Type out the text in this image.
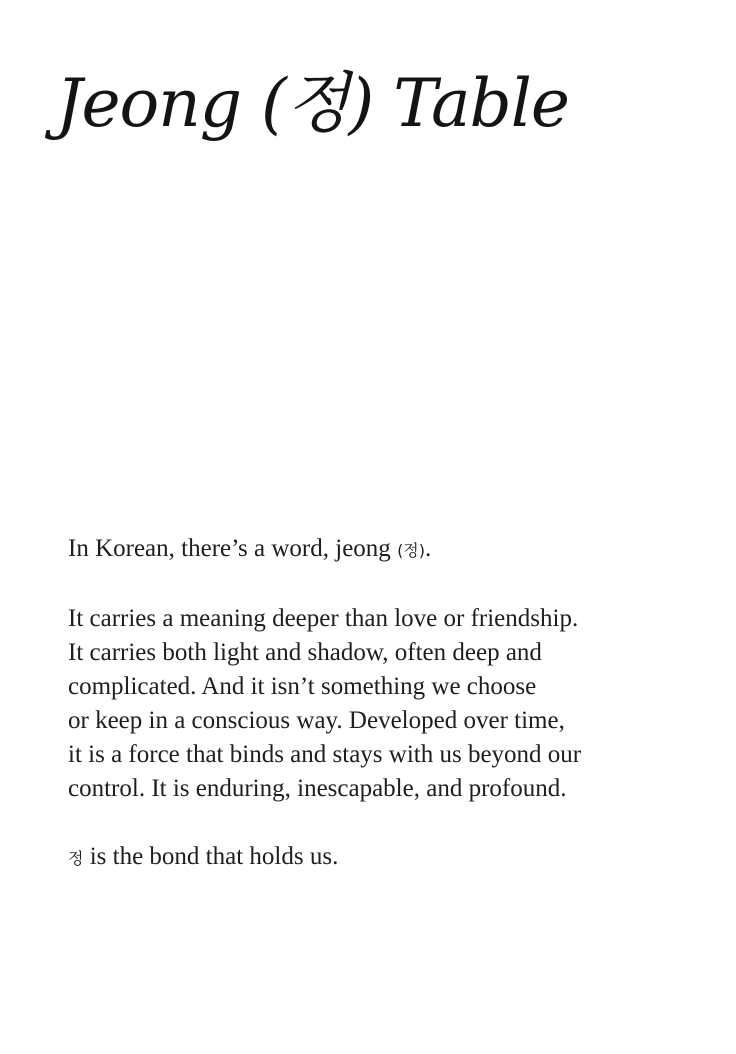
Jeong (정) Table

In Korean, there’s a word, jeong (정).

It carries a meaning deeper than love or friendship.
It carries both light and shadow, often deep and
complicated. And it isn’t something we choose
or keep in a conscious way. Developed over time,
it is a force that binds and stays with us beyond our
control. It is enduring, inescapable, and profound.

정 is the bond that holds us.
